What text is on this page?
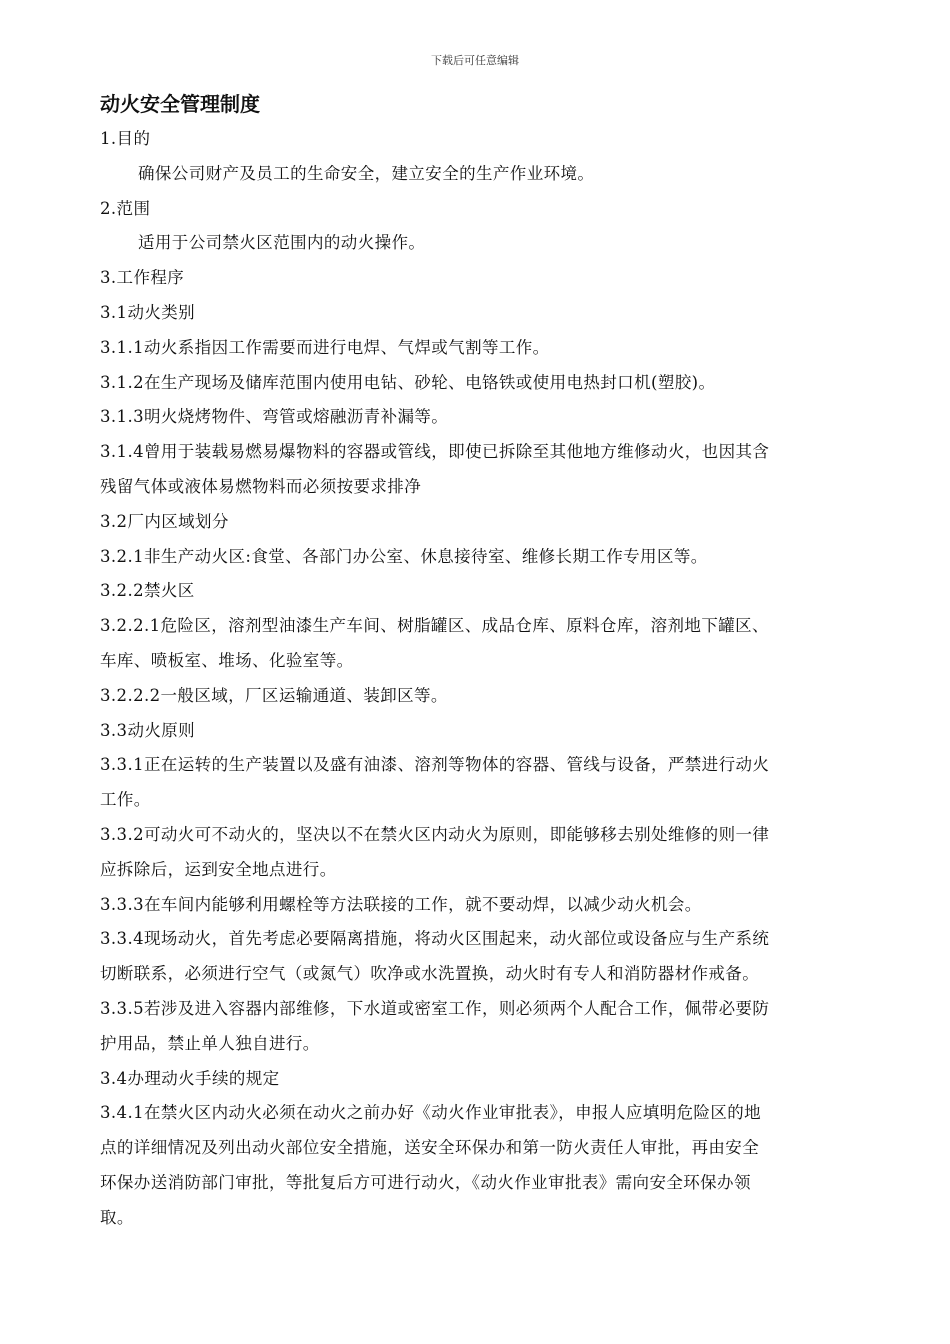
下载后可任意编辑
动火安全管理制度

1.目的

确保公司财产及员工的生命安全，建立安全的生产作业环境。

2.范围

适用于公司禁火区范围内的动火操作。

3.工作程序

3.1动火类别

3.1.1动火系指因工作需要而进行电焊、气焊或气割等工作。

3.1.2在生产现场及储库范围内使用电钻、砂轮、电铬铁或使用电热封口机(塑胶)。

3.1.3明火烧烤物件、弯管或熔融沥青补漏等。

3.1.4曾用于装载易燃易爆物料的容器或管线，即使已拆除至其他地方维修动火，也因其含

残留气体或液体易燃物料而必须按要求排净

3.2厂内区域划分

3.2.1非生产动火区:食堂、各部门办公室、休息接待室、维修长期工作专用区等。

3.2.2禁火区

3.2.2.1危险区，溶剂型油漆生产车间、树脂罐区、成品仓库、原料仓库，溶剂地下罐区、

车库、喷板室、堆场、化验室等。

3.2.2.2一般区域，厂区运输通道、装卸区等。

3.3动火原则

3.3.1正在运转的生产装置以及盛有油漆、溶剂等物体的容器、管线与设备，严禁进行动火

工作。

3.3.2可动火可不动火的，坚决以不在禁火区内动火为原则，即能够移去别处维修的则一律

应拆除后，运到安全地点进行。

3.3.3在车间内能够利用螺栓等方法联接的工作，就不要动焊，以减少动火机会。

3.3.4现场动火，首先考虑必要隔离措施，将动火区围起来，动火部位或设备应与生产系统

切断联系，必须进行空气（或氮气）吹净或水洗置换，动火时有专人和消防器材作戒备。

3.3.5若涉及进入容器内部维修，下水道或密室工作，则必须两个人配合工作，佩带必要防

护用品，禁止单人独自进行。

3.4办理动火手续的规定

3.4.1在禁火区内动火必须在动火之前办好《动火作业审批表》，申报人应填明危险区的地

点的详细情况及列出动火部位安全措施，送安全环保办和第一防火责任人审批，再由安全

环保办送消防部门审批，等批复后方可进行动火，《动火作业审批表》需向安全环保办领

取。
